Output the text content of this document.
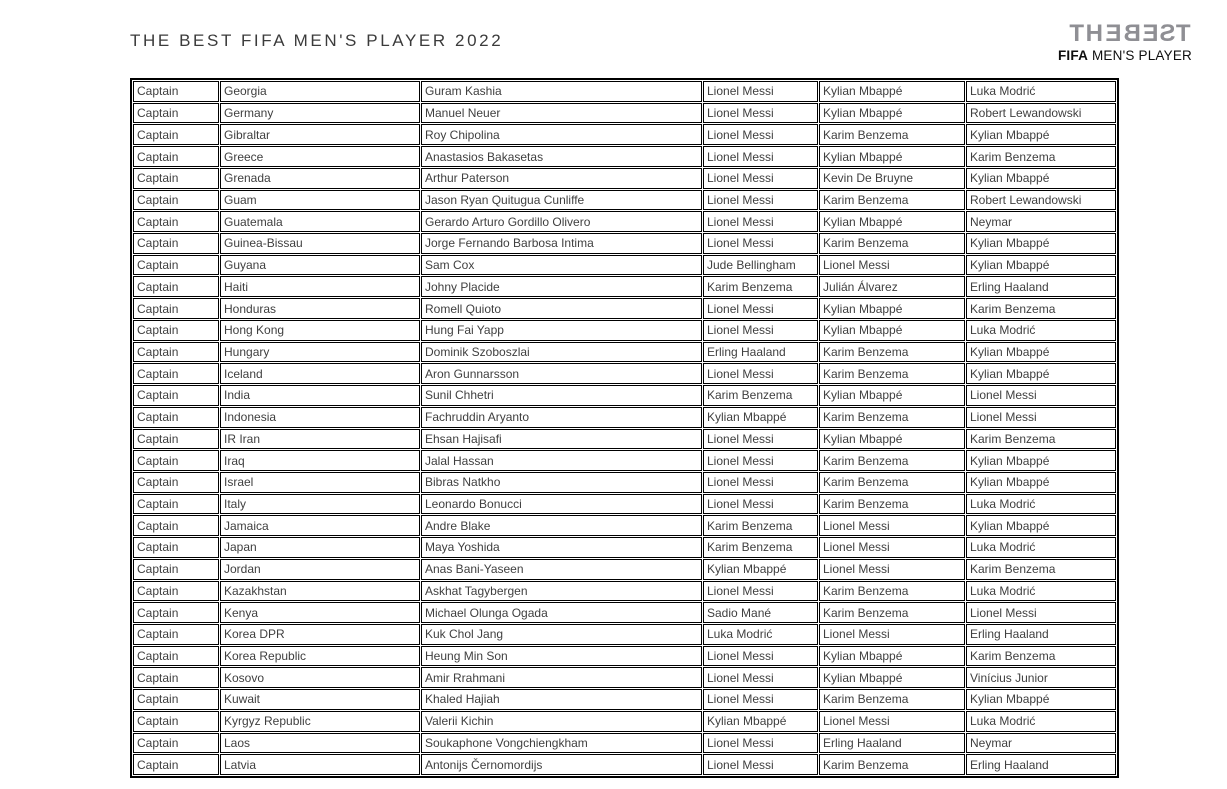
THE BEST FIFA MEN'S PLAYER 2022	THEBEST
FIFA MEN'S PLAYER
Captain	Georgia	Guram Kashia	Lionel Messi	Kylian Mbappé	Luka Modrić
Captain	Germany	Manuel Neuer	Lionel Messi	Kylian Mbappé	Robert Lewandowski
Captain	Gibraltar	Roy Chipolina	Lionel Messi	Karim Benzema	Kylian Mbappé
Captain	Greece	Anastasios Bakasetas	Lionel Messi	Kylian Mbappé	Karim Benzema
Captain	Grenada	Arthur Paterson	Lionel Messi	Kevin De Bruyne	Kylian Mbappé
Captain	Guam	Jason Ryan Quitugua Cunliffe	Lionel Messi	Karim Benzema	Robert Lewandowski
Captain	Guatemala	Gerardo Arturo Gordillo Olivero	Lionel Messi	Kylian Mbappé	Neymar
Captain	Guinea-Bissau	Jorge Fernando Barbosa Intima	Lionel Messi	Karim Benzema	Kylian Mbappé
Captain	Guyana	Sam Cox	Jude Bellingham	Lionel Messi	Kylian Mbappé
Captain	Haiti	Johny Placide	Karim Benzema	Julián Álvarez	Erling Haaland
Captain	Honduras	Romell Quioto	Lionel Messi	Kylian Mbappé	Karim Benzema
Captain	Hong Kong	Hung Fai Yapp	Lionel Messi	Kylian Mbappé	Luka Modrić
Captain	Hungary	Dominik Szoboszlai	Erling Haaland	Karim Benzema	Kylian Mbappé
Captain	Iceland	Aron Gunnarsson	Lionel Messi	Karim Benzema	Kylian Mbappé
Captain	India	Sunil Chhetri	Karim Benzema	Kylian Mbappé	Lionel Messi
Captain	Indonesia	Fachruddin Aryanto	Kylian Mbappé	Karim Benzema	Lionel Messi
Captain	IR Iran	Ehsan Hajisafi	Lionel Messi	Kylian Mbappé	Karim Benzema
Captain	Iraq	Jalal Hassan	Lionel Messi	Karim Benzema	Kylian Mbappé
Captain	Israel	Bibras Natkho	Lionel Messi	Karim Benzema	Kylian Mbappé
Captain	Italy	Leonardo Bonucci	Lionel Messi	Karim Benzema	Luka Modrić
Captain	Jamaica	Andre Blake	Karim Benzema	Lionel Messi	Kylian Mbappé
Captain	Japan	Maya Yoshida	Karim Benzema	Lionel Messi	Luka Modrić
Captain	Jordan	Anas Bani-Yaseen	Kylian Mbappé	Lionel Messi	Karim Benzema
Captain	Kazakhstan	Askhat Tagybergen	Lionel Messi	Karim Benzema	Luka Modrić
Captain	Kenya	Michael Olunga Ogada	Sadio Mané	Karim Benzema	Lionel Messi
Captain	Korea DPR	Kuk Chol Jang	Luka Modrić	Lionel Messi	Erling Haaland
Captain	Korea Republic	Heung Min Son	Lionel Messi	Kylian Mbappé	Karim Benzema
Captain	Kosovo	Amir Rrahmani	Lionel Messi	Kylian Mbappé	Vinícius Junior
Captain	Kuwait	Khaled Hajiah	Lionel Messi	Karim Benzema	Kylian Mbappé
Captain	Kyrgyz Republic	Valerii Kichin	Kylian Mbappé	Lionel Messi	Luka Modrić
Captain	Laos	Soukaphone Vongchiengkham	Lionel Messi	Erling Haaland	Neymar
Captain	Latvia	Antonijs Černomordijs	Lionel Messi	Karim Benzema	Erling Haaland
